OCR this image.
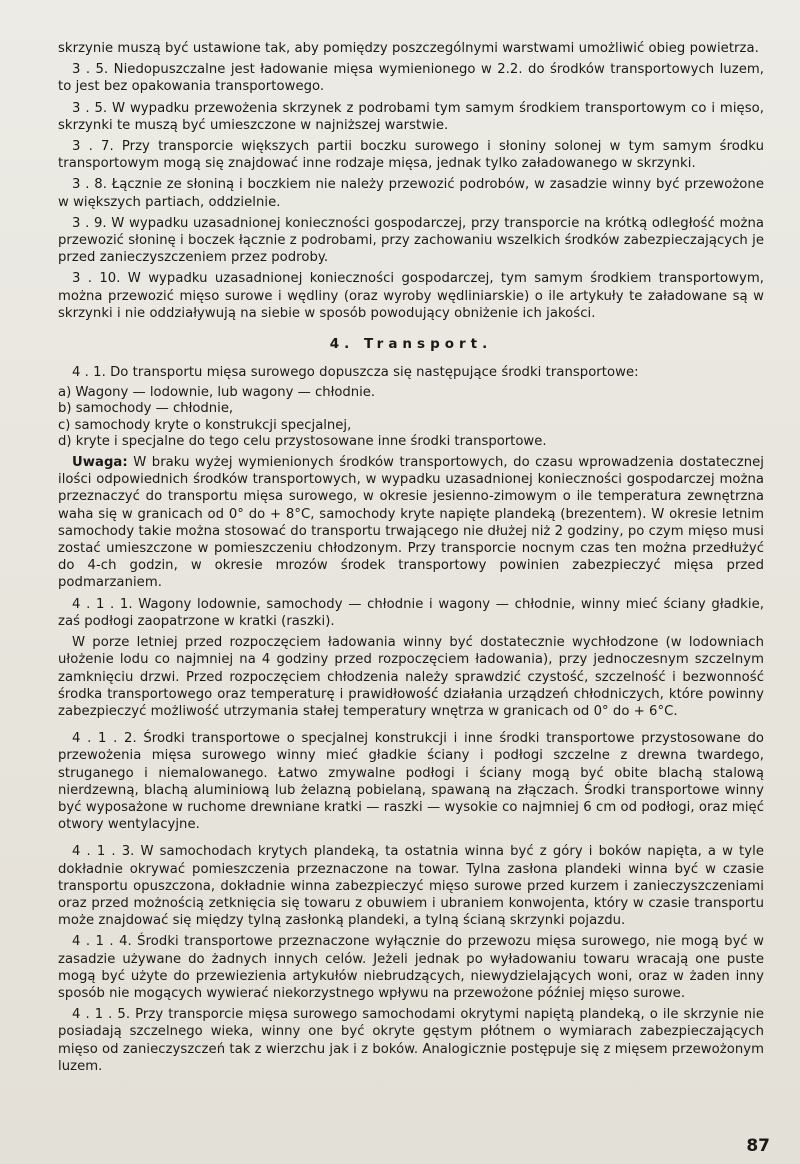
skrzynie muszą być ustawione tak, aby pomiędzy poszczególnymi warstwami umożliwić obieg powietrza.

3 . 5. Niedopuszczalne jest ładowanie mięsa wymienionego w 2.2. do środków transportowych luzem, to jest bez opakowania transportowego.

3 . 5. W wypadku przewożenia skrzynek z podrobami tym samym środkiem transportowym co i mięso, skrzynki te muszą być umieszczone w najniższej warstwie.

3 . 7. Przy transporcie większych partii boczku surowego i słoniny solonej w tym samym środku transportowym mogą się znajdować inne rodzaje mięsa, jednak tylko załadowanego w skrzynki.

3 . 8. Łącznie ze słoniną i boczkiem nie należy przewozić podrobów, w zasadzie winny być przewożone w większych partiach, oddzielnie.

3 . 9. W wypadku uzasadnionej konieczności gospodarczej, przy transporcie na krótką odległość można przewozić słoninę i boczek łącznie z podrobami, przy zachowaniu wszelkich środków zabezpieczających je przed zanieczyszczeniem przez podroby.

3 . 10. W wypadku uzasadnionej konieczności gospodarczej, tym samym środkiem transportowym, można przewozić mięso surowe i wędliny (oraz wyroby wędliniarskie) o ile artykuły te załadowane są w skrzynki i nie oddziaływują na siebie w sposób powodujący obniżenie ich jakości.

4. Transport.

4 . 1. Do transportu mięsa surowego dopuszcza się następujące środki transportowe:

a) Wagony — lodownie, lub wagony — chłodnie.
b) samochody — chłodnie,
c) samochody kryte o konstrukcji specjalnej,
d) kryte i specjalne do tego celu przystosowane inne środki transportowe.

Uwaga: W braku wyżej wymienionych środków transportowych, do czasu wprowadzenia dostatecznej ilości odpowiednich środków transportowych, w wypadku uzasadnionej konieczności gospodarczej można przeznaczyć do transportu mięsa surowego, w okresie jesienno-zimowym o ile temperatura zewnętrzna waha się w granicach od 0° do + 8°C, samochody kryte napięte plandeką (brezentem). W okresie letnim samochody takie można stosować do transportu trwającego nie dłużej niż 2 godziny, po czym mięso musi zostać umieszczone w pomieszczeniu chłodzonym. Przy transporcie nocnym czas ten można przedłużyć do 4-ch godzin, w okresie mrozów środek transportowy powinien zabezpieczyć mięsa przed podmarzaniem.

4 . 1 . 1. Wagony lodownie, samochody — chłodnie i wagony — chłodnie, winny mieć ściany gładkie, zaś podłogi zaopatrzone w kratki (raszki).

W porze letniej przed rozpoczęciem ładowania winny być dostatecznie wychłodzone (w lodowniach ułożenie lodu co najmniej na 4 godziny przed rozpoczęciem ładowania), przy jednoczesnym szczelnym zamknięciu drzwi. Przed rozpoczęciem chłodzenia należy sprawdzić czystość, szczelność i bezwonność środka transportowego oraz temperaturę i prawidłowość działania urządzeń chłodniczych, które powinny zabezpieczyć możliwość utrzymania stałej temperatury wnętrza w granicach od 0° do + 6°C.

4 . 1 . 2. Środki transportowe o specjalnej konstrukcji i inne środki transportowe przystosowane do przewożenia mięsa surowego winny mieć gładkie ściany i podłogi szczelne z drewna twardego, struganego i niemalowanego. Łatwo zmywalne podłogi i ściany mogą być obite blachą stalową nierdzewną, blachą aluminiową lub żelazną pobielaną, spawaną na złączach. Środki transportowe winny być wyposażone w ruchome drewniane kratki — raszki — wysokie co najmniej 6 cm od podłogi, oraz mięć otwory wentylacyjne.

4 . 1 . 3. W samochodach krytych plandeką, ta ostatnia winna być z góry i boków napięta, a w tyle dokładnie okrywać pomieszczenia przeznaczone na towar. Tylna zasłona plandeki winna być w czasie transportu opuszczona, dokładnie winna zabezpieczyć mięso surowe przed kurzem i zanieczyszczeniami oraz przed możnością zetknięcia się towaru z obuwiem i ubraniem konwojenta, który w czasie transportu może znajdować się między tylną zasłonką plandeki, a tylną ścianą skrzynki pojazdu.

4 . 1 . 4. Środki transportowe przeznaczone wyłącznie do przewozu mięsa surowego, nie mogą być w zasadzie używane do żadnych innych celów. Jeżeli jednak po wyładowaniu towaru wracają one puste mogą być użyte do przewiezienia artykułów niebrudzących, niewydzielających woni, oraz w żaden inny sposób nie mogących wywierać niekorzystnego wpływu na przewożone później mięso surowe.

4 . 1 . 5. Przy transporcie mięsa surowego samochodami okrytymi napiętą plandeką, o ile skrzynie nie posiadają szczelnego wieka, winny one być okryte gęstym płótnem o wymiarach zabezpieczających mięso od zanieczyszczeń tak z wierzchu jak i z boków. Analogicznie postępuje się z mięsem przewożonym luzem.

87
